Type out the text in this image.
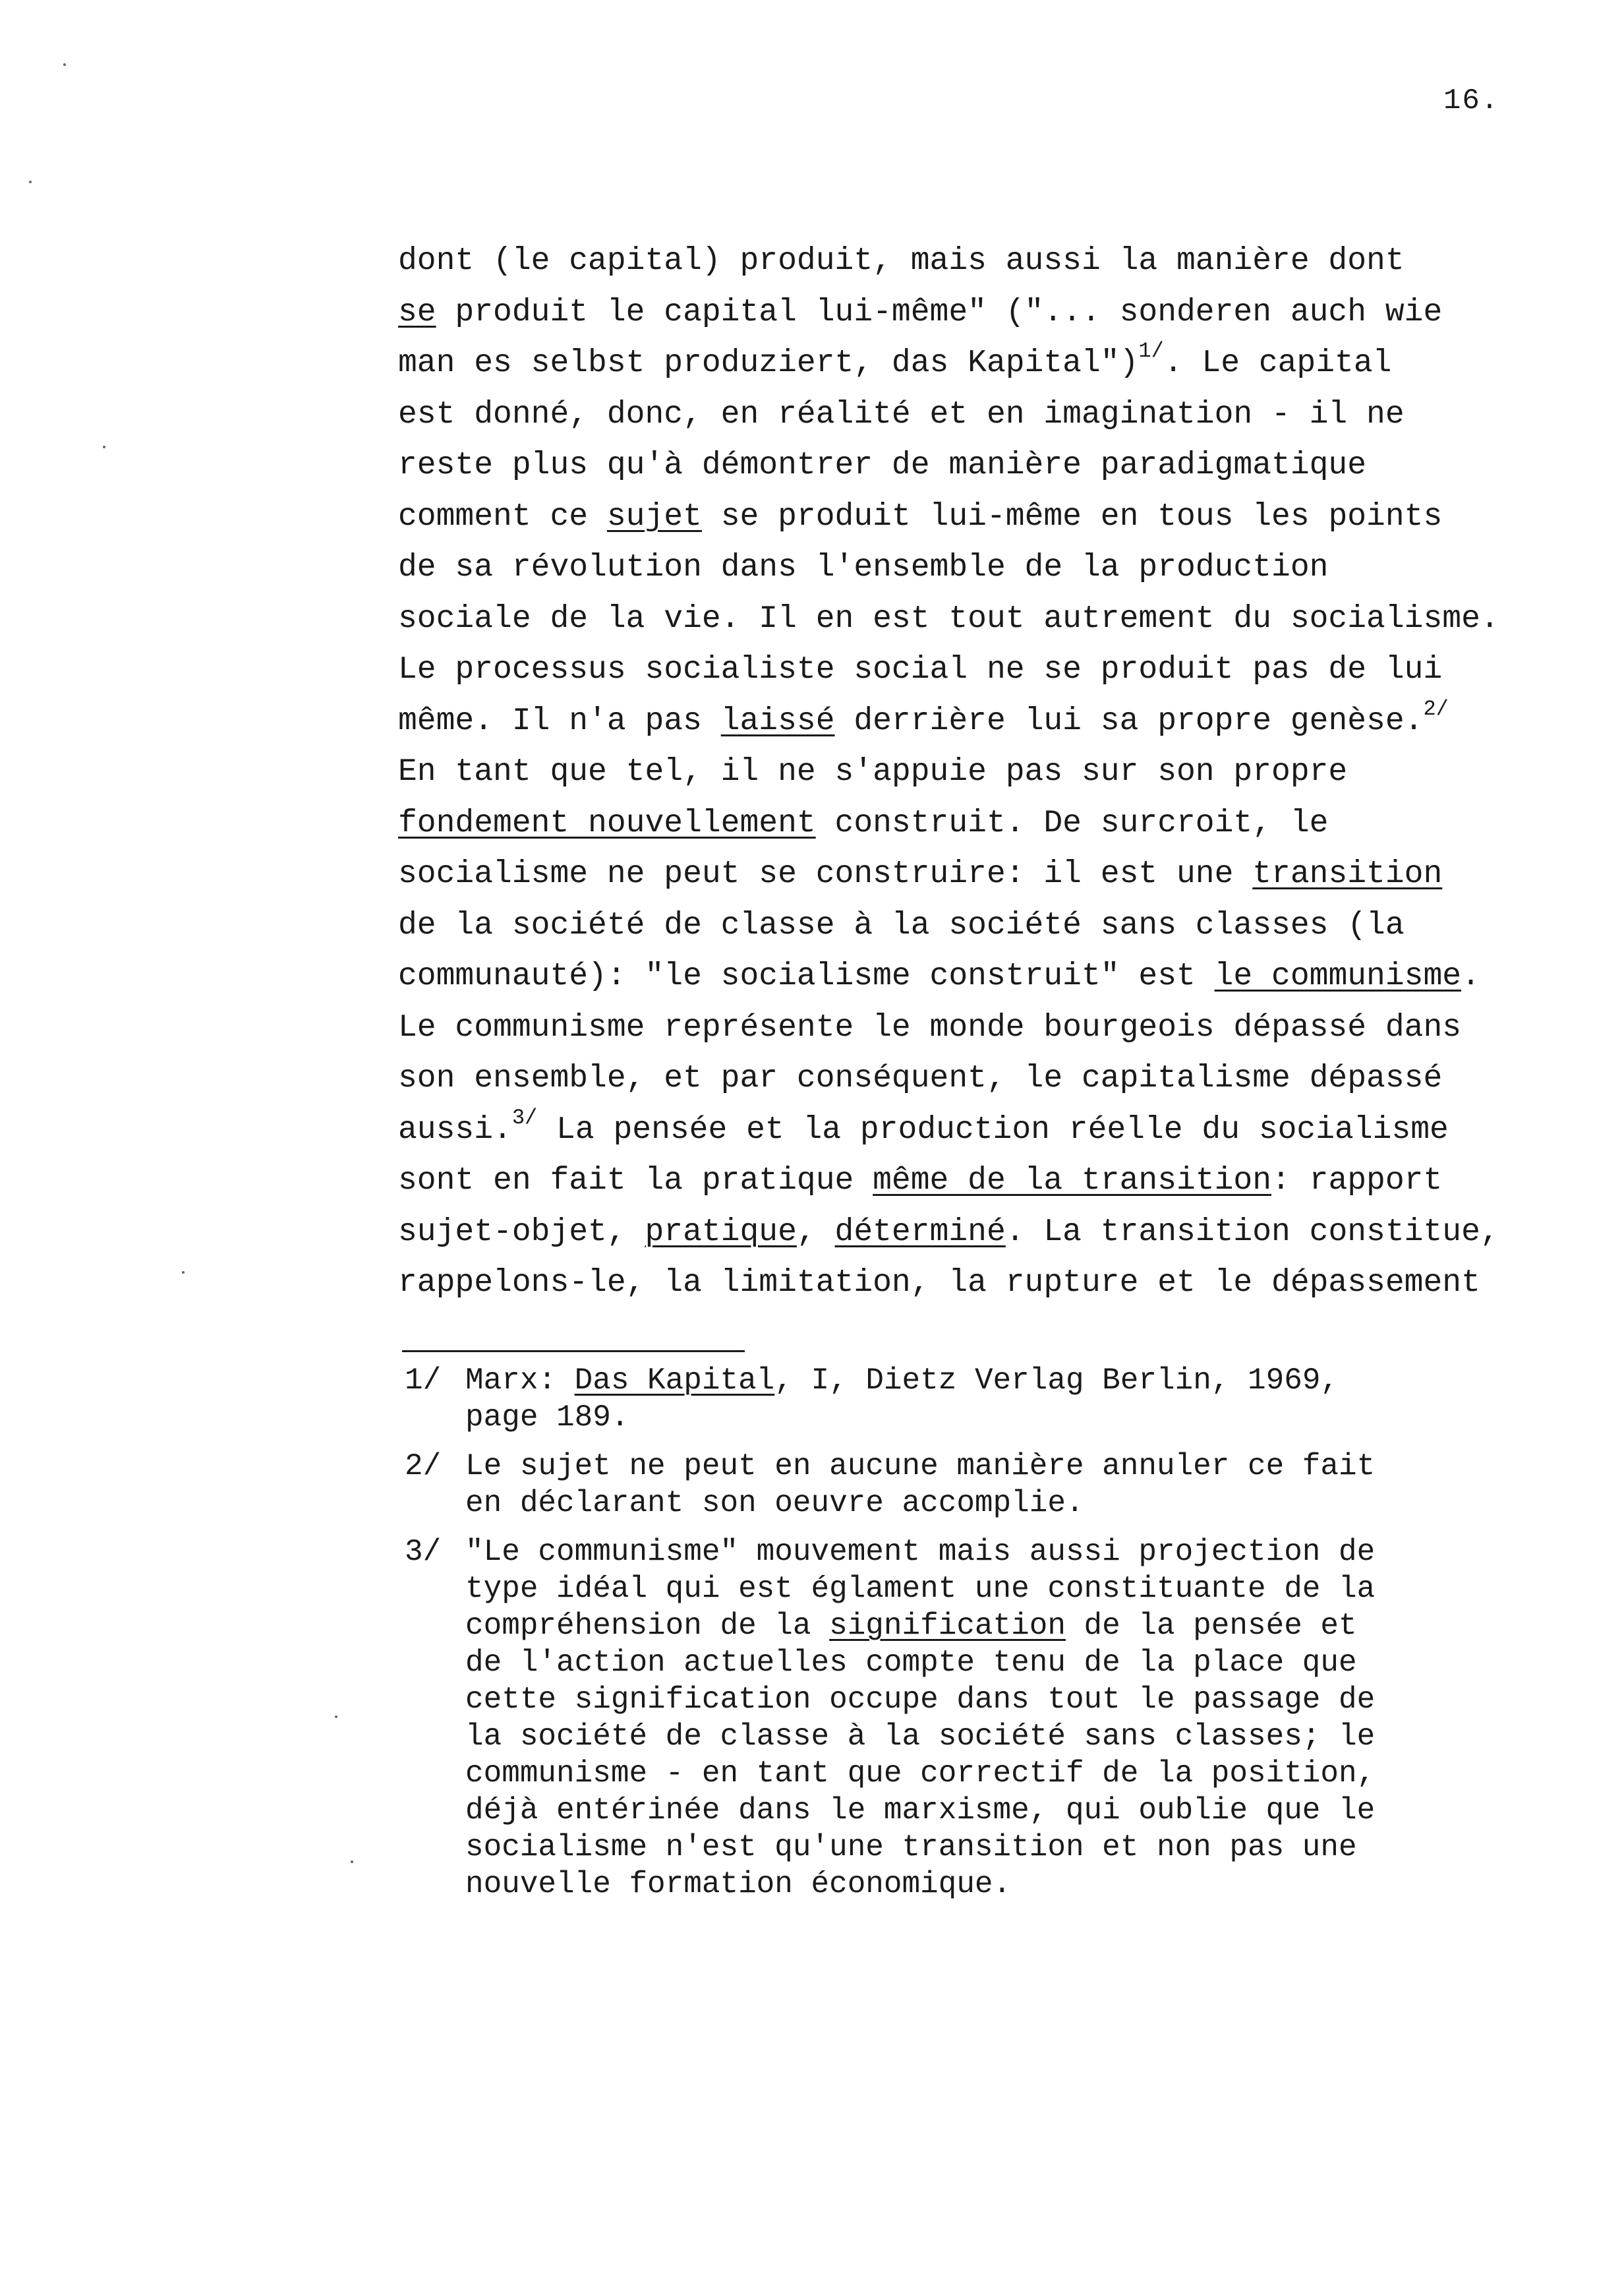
16.
dont (le capital) produit, mais aussi la manière dont
se produit le capital lui-même" ("... sonderen auch wie
man es selbst produziert, das Kapital")$^{1/}$. Le capital
est donné, donc, en réalité et en imagination - il ne
reste plus qu'à démontrer de manière paradigmatique
comment ce sujet se produit lui-même en tous les points
de sa révolution dans l'ensemble de la production
sociale de la vie. Il en est tout autrement du socialisme.
Le processus socialiste social ne se produit pas de lui
même. Il n'a pas laissé derrière lui sa propre genèse.$^{2/}$
En tant que tel, il ne s'appuie pas sur son propre
fondement nouvellement construit. De surcroit, le
socialisme ne peut se construire: il est une transition
de la société de classe à la société sans classes (la
communauté): "le socialisme construit" est le communisme.
Le communisme représente le monde bourgeois dépassé dans
son ensemble, et par conséquent, le capitalisme dépassé
aussi.$^{3/}$ La pensée et la production réelle du socialisme
sont en fait la pratique même de la transition: rapport
sujet-objet, pratique, déterminé. La transition constitue,
rappelons-le, la limitation, la rupture et le dépassement
1/ Marx: Das Kapital, I, Dietz Verlag Berlin, 1969,
page 189.
2/ Le sujet ne peut en aucune manière annuler ce fait
en déclarant son oeuvre accomplie.
3/ "Le communisme" mouvement mais aussi projection de
type idéal qui est églament une constituante de la
compréhension de la signification de la pensée et
de l'action actuelles compte tenu de la place que
cette signification occupe dans tout le passage de
la société de classe à la société sans classes; le
communisme - en tant que correctif de la position,
déjà entérinée dans le marxisme, qui oublie que le
socialisme n'est qu'une transition et non pas une
nouvelle formation économique.
